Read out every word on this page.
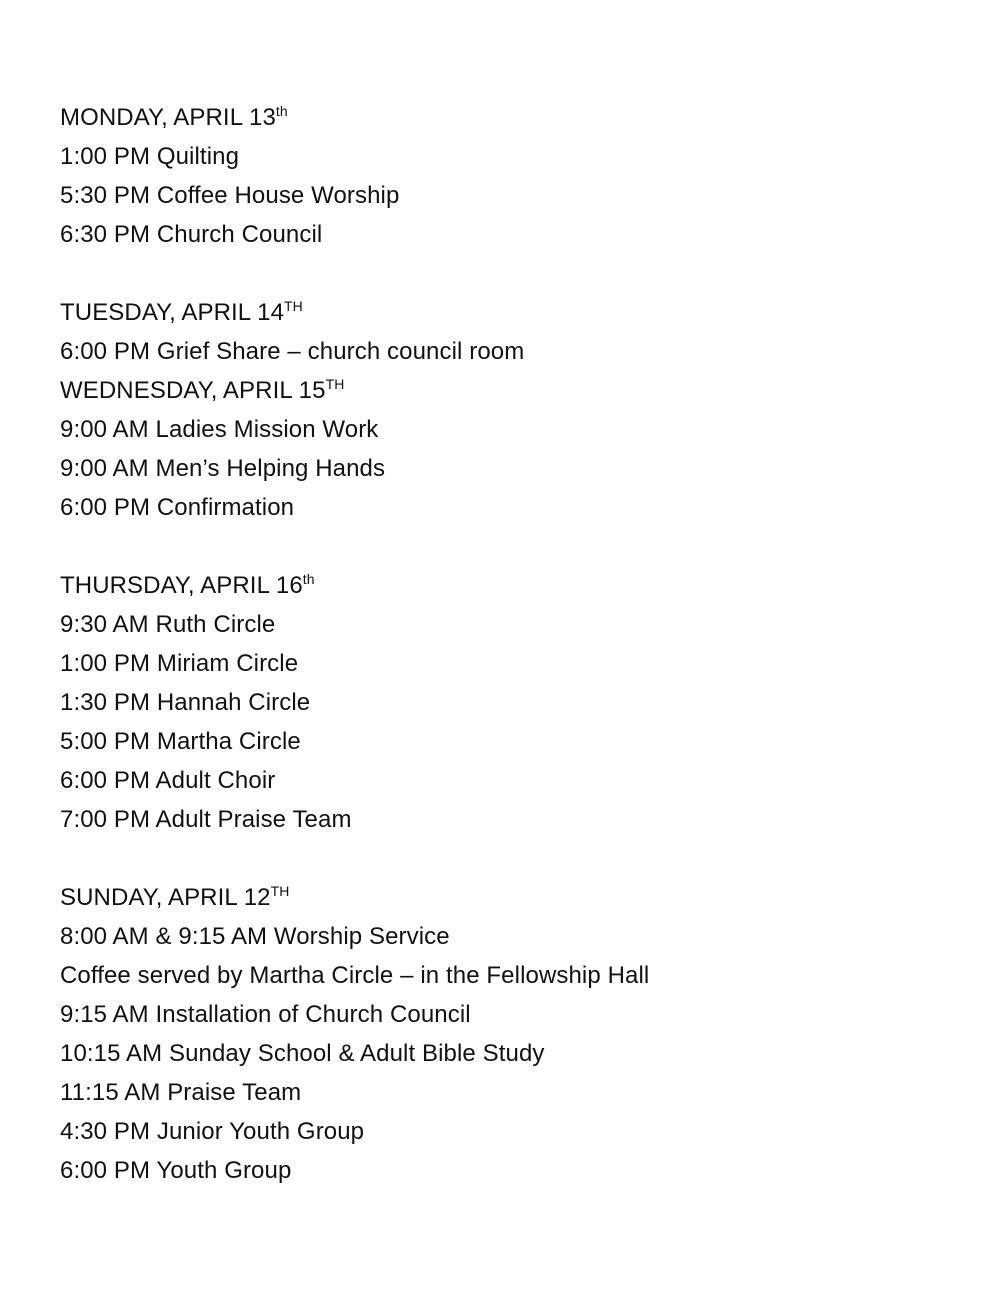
MONDAY, APRIL 13th
1:00 PM Quilting
5:30 PM Coffee House Worship
6:30 PM Church Council
TUESDAY, APRIL 14TH
6:00 PM Grief Share – church council room
WEDNESDAY, APRIL 15TH
9:00 AM Ladies Mission Work
9:00 AM Men’s Helping Hands
6:00 PM Confirmation
THURSDAY, APRIL 16th
9:30 AM Ruth Circle
1:00 PM Miriam Circle
1:30 PM Hannah Circle
5:00 PM Martha Circle
6:00 PM Adult Choir
7:00 PM Adult Praise Team
SUNDAY, APRIL 12TH
8:00 AM & 9:15 AM Worship Service
Coffee served by Martha Circle – in the Fellowship Hall
9:15 AM Installation of Church Council
10:15 AM Sunday School & Adult Bible Study
11:15 AM Praise Team
4:30 PM Junior Youth Group
6:00 PM Youth Group
